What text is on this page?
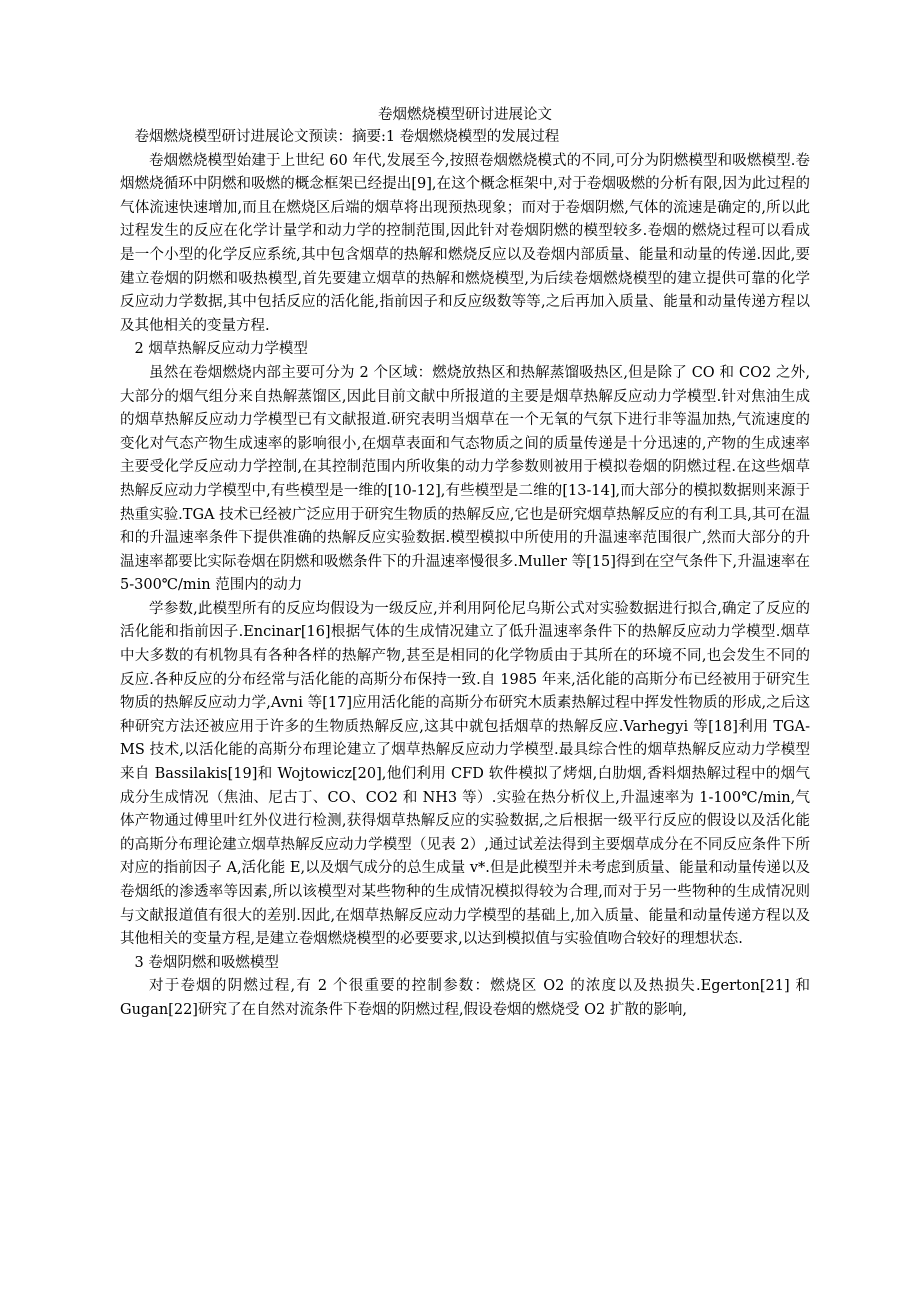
卷烟燃烧模型研讨进展论文

卷烟燃烧模型研讨进展论文预读：摘要:1 卷烟燃烧模型的发展过程

卷烟燃烧模型始建于上世纪 60 年代,发展至今,按照卷烟燃烧模式的不同,可分为阴燃模型和吸燃模型.卷烟燃烧循环中阴燃和吸燃的概念框架已经提出[9],在这个概念框架中,对于卷烟吸燃的分析有限,因为此过程的气体流速快速增加,而且在燃烧区后端的烟草将出现预热现象；而对于卷烟阴燃,气体的流速是确定的,所以此过程发生的反应在化学计量学和动力学的控制范围,因此针对卷烟阴燃的模型较多.卷烟的燃烧过程可以看成是一个小型的化学反应系统,其中包含烟草的热解和燃烧反应以及卷烟内部质量、能量和动量的传递.因此,要建立卷烟的阴燃和吸热模型,首先要建立烟草的热解和燃烧模型,为后续卷烟燃烧模型的建立提供可靠的化学反应动力学数据,其中包括反应的活化能,指前因子和反应级数等等,之后再加入质量、能量和动量传递方程以及其他相关的变量方程.

2 烟草热解反应动力学模型

虽然在卷烟燃烧内部主要可分为 2 个区域：燃烧放热区和热解蒸馏吸热区,但是除了 CO 和 CO2 之外,大部分的烟气组分来自热解蒸馏区,因此目前文献中所报道的主要是烟草热解反应动力学模型.针对焦油生成的烟草热解反应动力学模型已有文献报道.研究表明当烟草在一个无氧的气氛下进行非等温加热,气流速度的变化对气态产物生成速率的影响很小,在烟草表面和气态物质之间的质量传递是十分迅速的,产物的生成速率主要受化学反应动力学控制,在其控制范围内所收集的动力学参数则被用于模拟卷烟的阴燃过程.在这些烟草热解反应动力学模型中,有些模型是一维的[10-12],有些模型是二维的[13-14],而大部分的模拟数据则来源于热重实验.TGA 技术已经被广泛应用于研究生物质的热解反应,它也是研究烟草热解反应的有利工具,其可在温和的升温速率条件下提供准确的热解反应实验数据.模型模拟中所使用的升温速率范围很广,然而大部分的升温速率都要比实际卷烟在阴燃和吸燃条件下的升温速率慢很多.Muller 等[15]得到在空气条件下,升温速率在 5-300℃/min 范围内的动力

学参数,此模型所有的反应均假设为一级反应,并利用阿伦尼乌斯公式对实验数据进行拟合,确定了反应的活化能和指前因子.Encinar[16]根据气体的生成情况建立了低升温速率条件下的热解反应动力学模型.烟草中大多数的有机物具有各种各样的热解产物,甚至是相同的化学物质由于其所在的环境不同,也会发生不同的反应.各种反应的分布经常与活化能的高斯分布保持一致.自 1985 年来,活化能的高斯分布已经被用于研究生物质的热解反应动力学,Avni 等[17]应用活化能的高斯分布研究木质素热解过程中挥发性物质的形成,之后这种研究方法还被应用于许多的生物质热解反应,这其中就包括烟草的热解反应.Varhegyi 等[18]利用 TGA-MS 技术,以活化能的高斯分布理论建立了烟草热解反应动力学模型.最具综合性的烟草热解反应动力学模型来自 Bassilakis[19]和 Wojtowicz[20],他们利用 CFD 软件模拟了烤烟,白肋烟,香料烟热解过程中的烟气成分生成情况（焦油、尼古丁、CO、CO2 和 NH3 等）.实验在热分析仪上,升温速率为 1-100℃/min,气体产物通过傅里叶红外仪进行检测,获得烟草热解反应的实验数据,之后根据一级平行反应的假设以及活化能的高斯分布理论建立烟草热解反应动力学模型（见表 2）,通过试差法得到主要烟草成分在不同反应条件下所对应的指前因子 A,活化能 E,以及烟气成分的总生成量 v*.但是此模型并未考虑到质量、能量和动量传递以及卷烟纸的渗透率等因素,所以该模型对某些物种的生成情况模拟得较为合理,而对于另一些物种的生成情况则与文献报道值有很大的差别.因此,在烟草热解反应动力学模型的基础上,加入质量、能量和动量传递方程以及其他相关的变量方程,是建立卷烟燃烧模型的必要要求,以达到模拟值与实验值吻合较好的理想状态.

3 卷烟阴燃和吸燃模型

对于卷烟的阴燃过程,有 2 个很重要的控制参数：燃烧区 O2 的浓度以及热损失.Egerton[21] 和 Gugan[22]研究了在自然对流条件下卷烟的阴燃过程,假设卷烟的燃烧受 O2 扩散的影响,
